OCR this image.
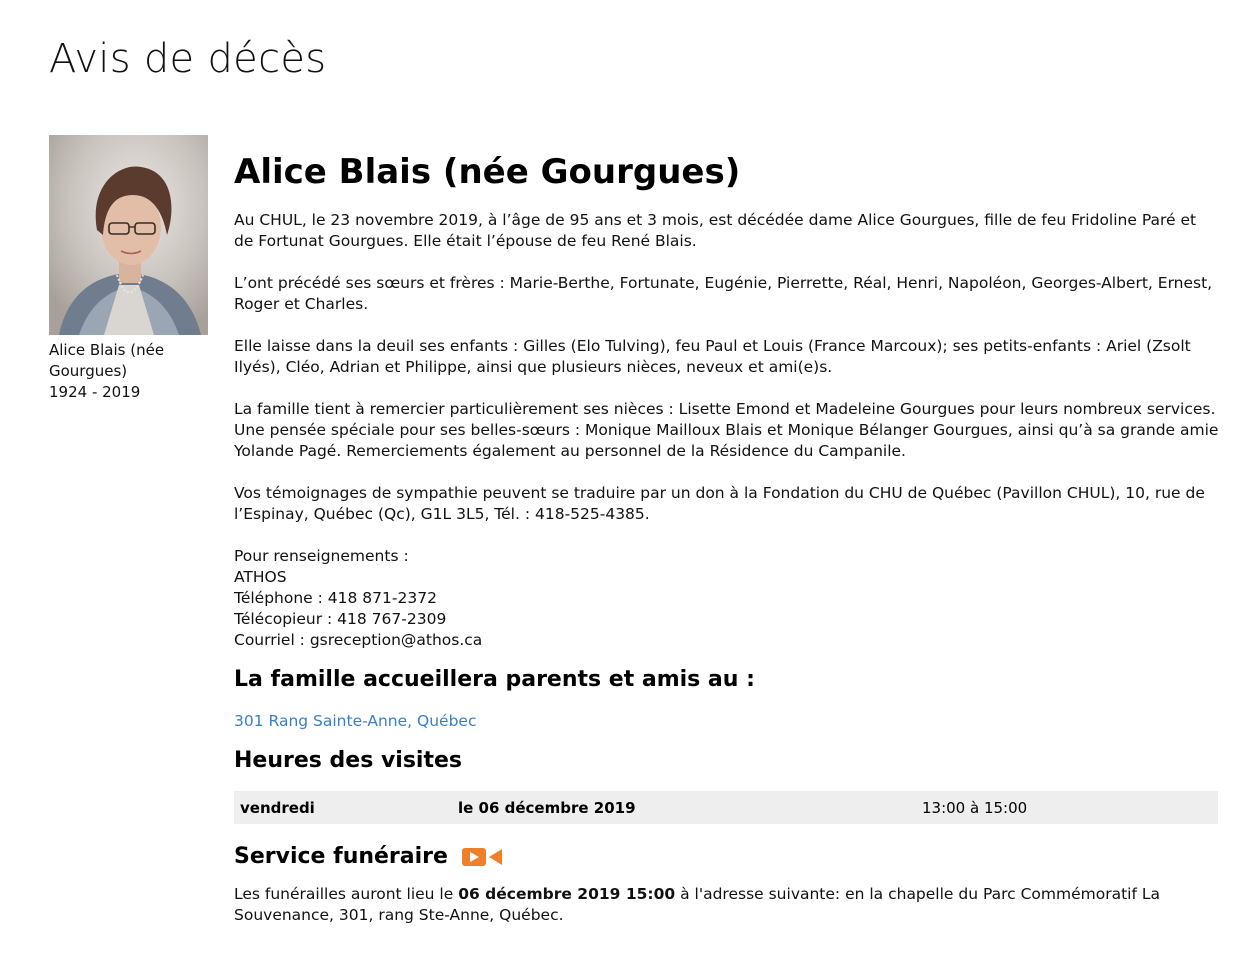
Avis de décès
Alice Blais (née Gourgues)
1924 - 2019
Alice Blais (née Gourgues)

Au CHUL, le 23 novembre 2019, à l’âge de 95 ans et 3 mois, est décédée dame Alice Gourgues, fille de feu Fridoline Paré et de Fortunat Gourgues. Elle était l’épouse de feu René Blais.

L’ont précédé ses sœurs et frères : Marie-Berthe, Fortunate, Eugénie, Pierrette, Réal, Henri, Napoléon, Georges-Albert, Ernest, Roger et Charles.

Elle laisse dans la deuil ses enfants : Gilles (Elo Tulving), feu Paul et Louis (France Marcoux); ses petits-enfants : Ariel (Zsolt Ilyés), Cléo, Adrian et Philippe, ainsi que plusieurs nièces, neveux et ami(e)s.

La famille tient à remercier particulièrement ses nièces : Lisette Emond et Madeleine Gourgues pour leurs nombreux services. Une pensée spéciale pour ses belles-sœurs : Monique Mailloux Blais et Monique Bélanger Gourgues, ainsi qu’à sa grande amie Yolande Pagé. Remerciements également au personnel de la Résidence du Campanile.

Vos témoignages de sympathie peuvent se traduire par un don à la Fondation du CHU de Québec (Pavillon CHUL), 10, rue de l’Espinay, Québec (Qc), G1L 3L5, Tél. : 418-525-4385.

Pour renseignements :
ATHOS
Téléphone : 418 871-2372
Télécopieur : 418 767-2309
Courriel : gsreception@athos.ca
La famille accueillera parents et amis au :
301 Rang Sainte-Anne, Québec
Heures des visites
vendredi	le 06 décembre 2019	13:00 à 15:00
Service funéraire

Les funérailles auront lieu le 06 décembre 2019 15:00 à l'adresse suivante: en la chapelle du Parc Commémoratif La Souvenance, 301, rang Ste-Anne, Québec.
